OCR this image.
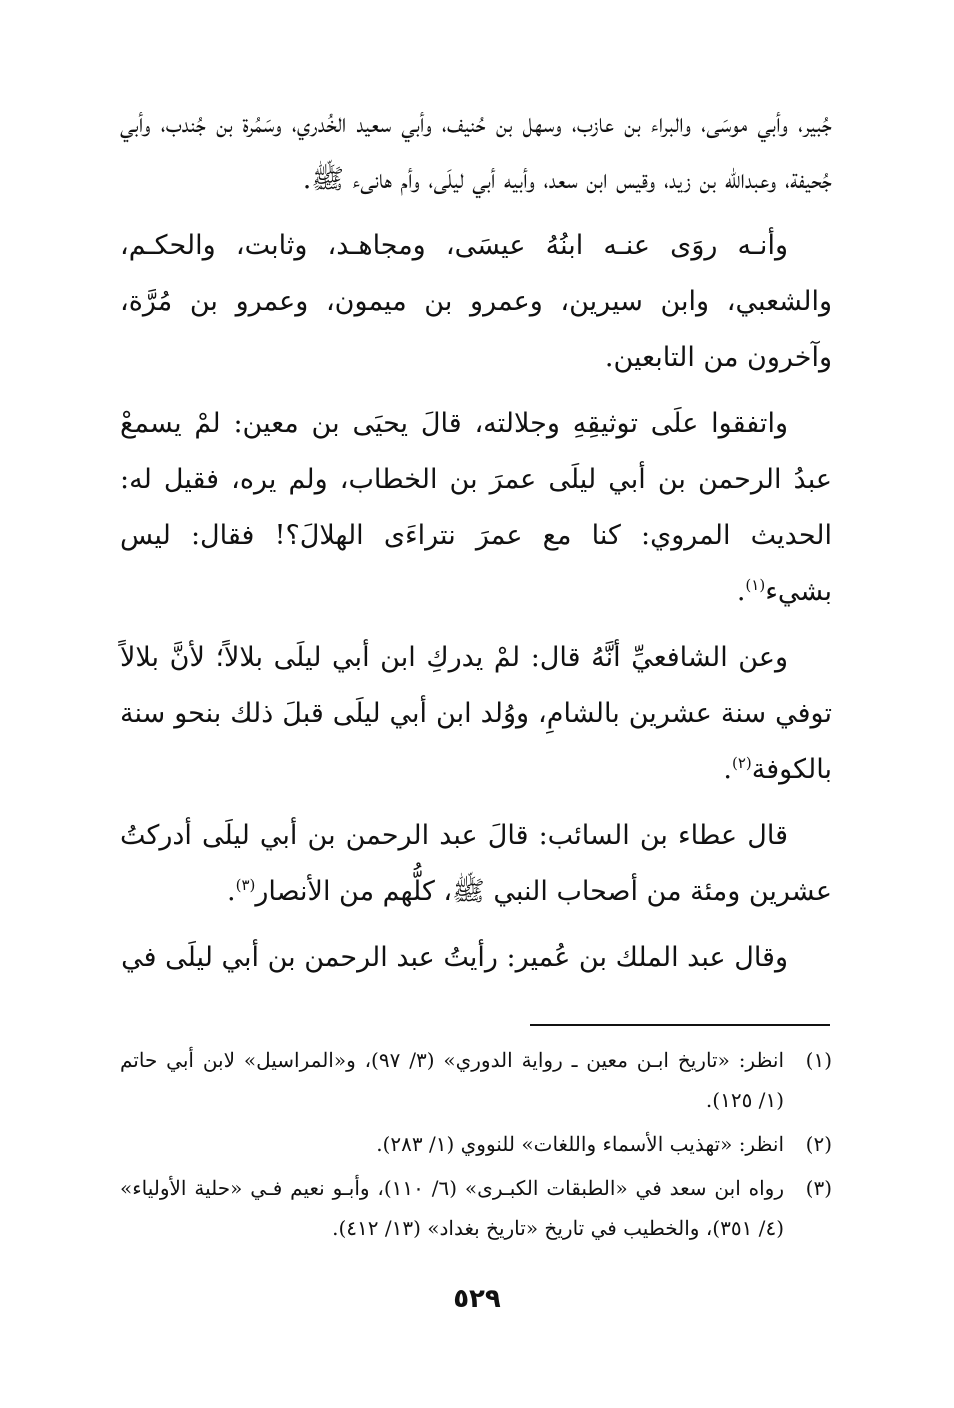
جُبير، وأبي موسَى، والبراء بن عازب، وسهل بن حُنيف، وأبي سعيد الخُدري، وسَمُرة بن جُندب، وأبي جُحيفة، وعبدالله بن زيد، وقيس ابن سعد، وأبيه أبي ليلَى، وأم هانىء ﷺ.

وأنـه روَى عنـه ابنُهُ عيسَى، ومجاهـد، وثابت، والحكـم، والشعبي، وابن سيرين، وعمرو بن ميمون، وعمرو بن مُرَّة، وآخرون من التابعين.

واتفقوا علَى توثيقِهِ وجلالته، قالَ يحيَى بن معين: لمْ يسمعْ عبدُ الرحمن بن أبي ليلَى عمرَ بن الخطاب، ولم يره، فقيل له: الحديث المروي: كنا مع عمرَ نتراءَى الهلالَ؟! فقال: ليس بشيء$^{(١)}$.

وعن الشافعيِّ أنَّهُ قال: لمْ يدركِ ابن أبي ليلَى بلالاً؛ لأنَّ بلالاً توفي سنة عشرين بالشامِ، ووُلد ابن أبي ليلَى قبلَ ذلك بنحو سنة بالكوفة$^{(٢)}$.

قال عطاء بن السائب: قالَ عبد الرحمن بن أبي ليلَى أدركتُ عشرين ومئة من أصحاب النبي ﷺ، كلُّهم من الأنصار$^{(٣)}$.

وقال عبد الملك بن عُمير: رأيتُ عبد الرحمن بن أبي ليلَى في

(١)
انظر: «تاريخ ابـن معين ـ رواية الدوري» (٣/ ٩٧)، و«المراسيل» لابن أبي حاتم (١/ ١٢٥).
(٢)
انظر: «تهذيب الأسماء واللغات» للنووي (١/ ٢٨٣).
(٣)
رواه ابن سعد في «الطبقات الكبـرى» (٦/ ١١٠)، وأبـو نعيم فـي «حلية الأولياء» (٤/ ٣٥١)، والخطيب في تاريخ «تاريخ بغداد» (١٣/ ٤١٢).
٥٢٩
